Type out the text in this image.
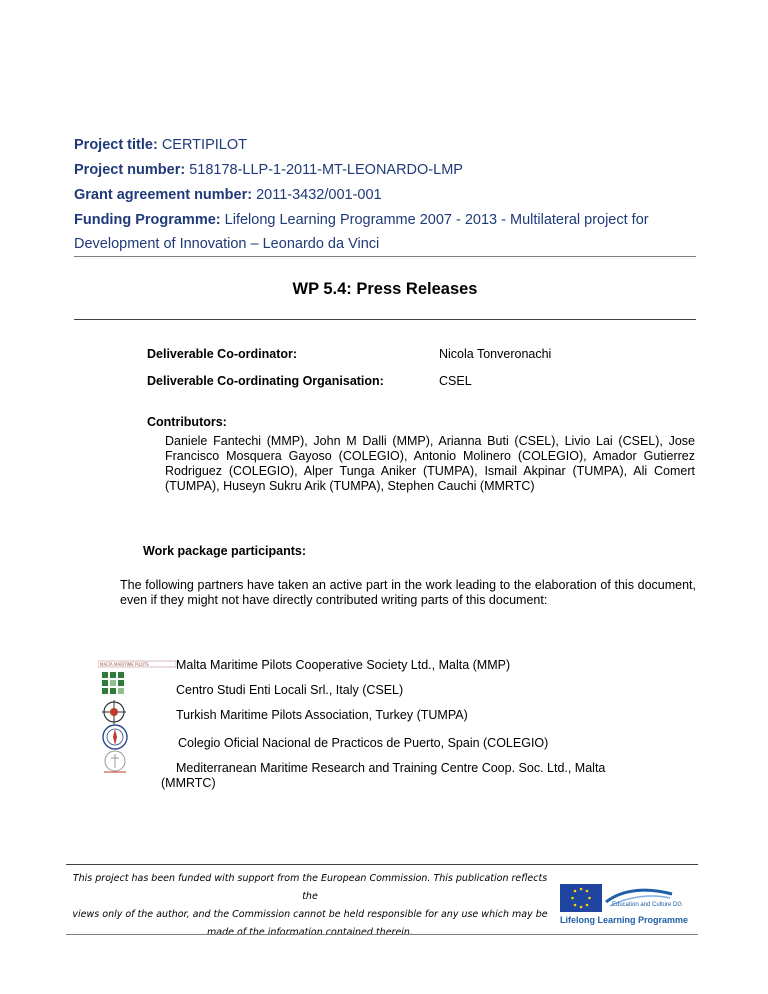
Project title: CERTIPILOT
Project number: 518178-LLP-1-2011-MT-LEONARDO-LMP
Grant agreement number: 2011-3432/001-001
Funding Programme: Lifelong Learning Programme 2007 - 2013 - Multilateral project for
Development of Innovation – Leonardo da Vinci
WP 5.4: Press Releases
Deliverable Co-ordinator:	Nicola Tonveronachi
Deliverable Co-ordinating Organisation:	CSEL
Contributors:
Daniele Fantechi (MMP), John M Dalli (MMP), Arianna Buti (CSEL), Livio Lai (CSEL), Jose Francisco Mosquera Gayoso (COLEGIO), Antonio Molinero (COLEGIO), Amador Gutierrez Rodriguez (COLEGIO), Alper Tunga Aniker (TUMPA), Ismail Akpinar (TUMPA), Ali Comert (TUMPA), Huseyn Sukru Arik (TUMPA), Stephen Cauchi (MMRTC)
Work package participants:
The following partners have taken an active part in the work leading to the elaboration of this document, even if they might not have directly contributed writing parts of this document:
MALTA MARITIME PILOTS Malta Maritime Pilots Cooperative Society Ltd., Malta (MMP)
Centro Studi Enti Locali Srl., Italy (CSEL)
Turkish Maritime Pilots Association, Turkey (TUMPA)
Colegio Oficial Nacional de Practicos de Puerto, Spain (COLEGIO)
Mediterranean Maritime Research and Training Centre Coop. Soc. Ltd., Malta
(MMRTC)
This project has been funded with support from the European Commission. This publication reflects the
views only of the author, and the Commission cannot be held responsible for any use which may be
made of the information contained therein.
Education and Culture DG
Lifelong Learning Programme
